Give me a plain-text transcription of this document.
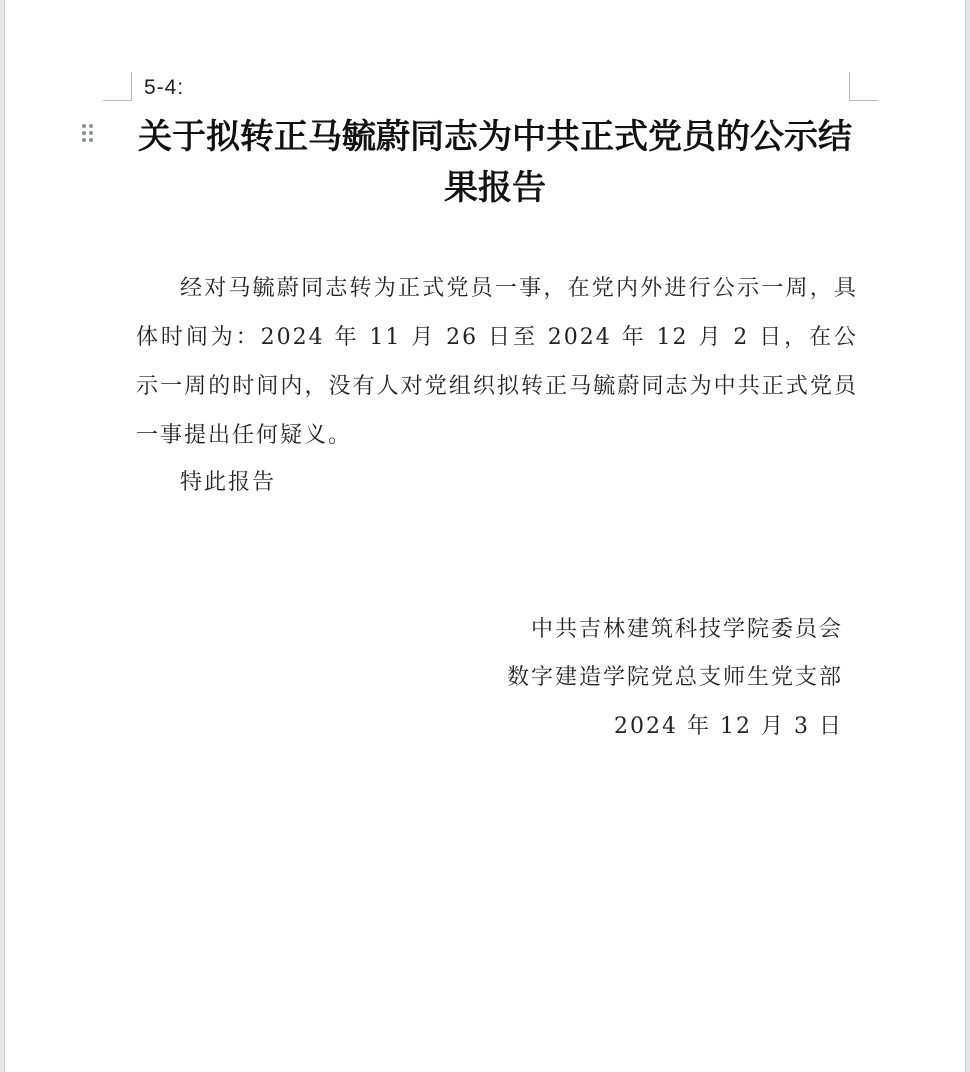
5-4:
关于拟转正马毓蔚同志为中共正式党员的公示结果报告

经对马毓蔚同志转为正式党员一事，在党内外进行公示一周，具体时间为：2024 年 11 月 26 日至 2024 年 12 月 2 日，在公示一周的时间内，没有人对党组织拟转正马毓蔚同志为中共正式党员一事提出任何疑义。

特此报告

中共吉林建筑科技学院委员会
数字建造学院党总支师生党支部
2024 年 12 月 3 日
